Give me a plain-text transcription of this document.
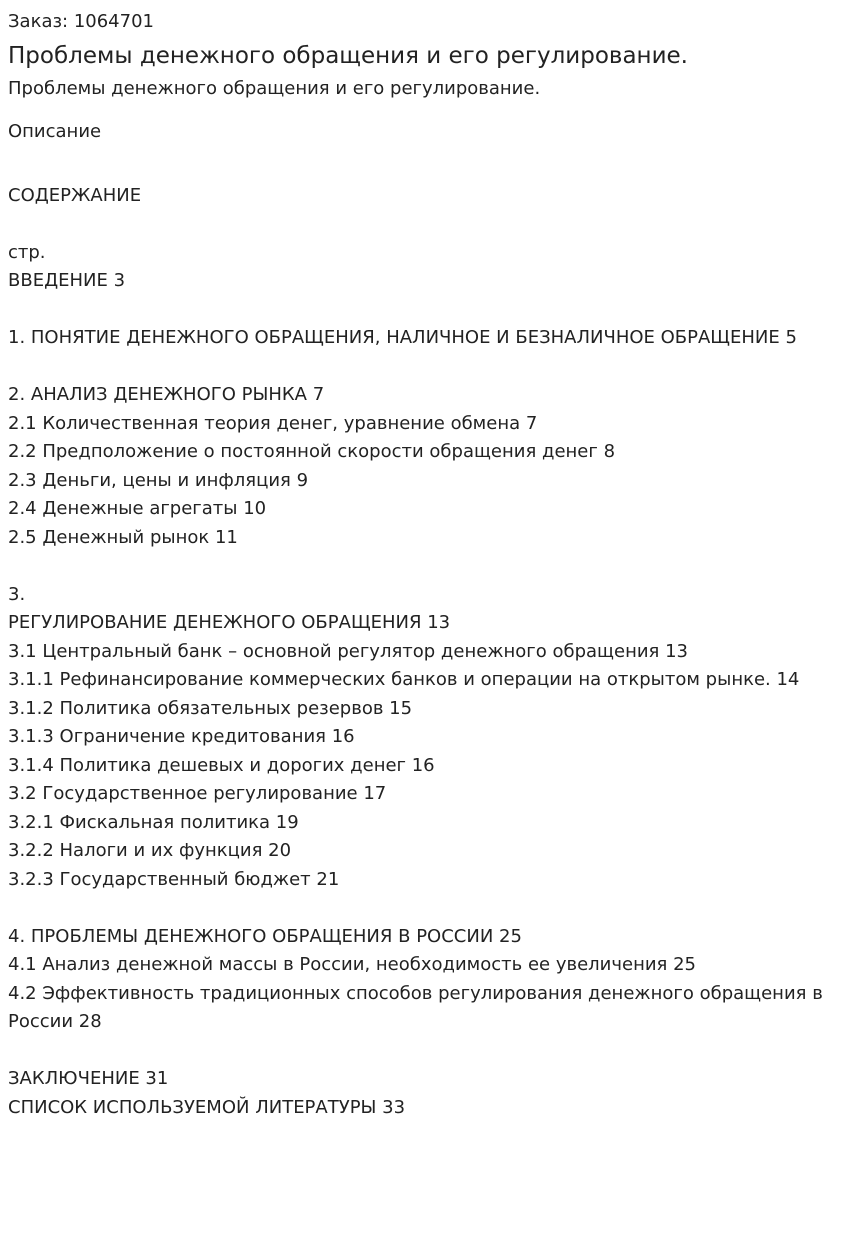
Заказ: 1064701
Проблемы денежного обращения и его регулирование.
Проблемы денежного обращения и его регулирование.
Описание
СОДЕРЖАНИЕ
стр.
ВВЕДЕНИЕ 3
1. ПОНЯТИЕ ДЕНЕЖНОГО ОБРАЩЕНИЯ, НАЛИЧНОЕ И БЕЗНАЛИЧНОЕ ОБРАЩЕНИЕ 5
2. АНАЛИЗ ДЕНЕЖНОГО РЫНКА 7
2.1 Количественная теория денег, уравнение обмена 7
2.2 Предположение о постоянной скорости обращения денег 8
2.3 Деньги, цены и инфляция 9
2.4 Денежные агрегаты 10
2.5 Денежный рынок 11
3.
РЕГУЛИРОВАНИЕ ДЕНЕЖНОГО ОБРАЩЕНИЯ 13
3.1 Центральный банк – основной регулятор денежного обращения 13
3.1.1 Рефинансирование коммерческих банков и операции на открытом рынке. 14
3.1.2 Политика обязательных резервов 15
3.1.3 Ограничение кредитования 16
3.1.4 Политика дешевых и дорогих денег 16
3.2 Государственное регулирование 17
3.2.1 Фискальная политика 19
3.2.2 Налоги и их функция 20
3.2.3 Государственный бюджет 21
4. ПРОБЛЕМЫ ДЕНЕЖНОГО ОБРАЩЕНИЯ В РОССИИ 25
4.1 Анализ денежной массы в России, необходимость ее увеличения 25
4.2 Эффективность традиционных способов регулирования денежного обращения в России 28
ЗАКЛЮЧЕНИЕ 31
СПИСОК ИСПОЛЬЗУЕМОЙ ЛИТЕРАТУРЫ 33
